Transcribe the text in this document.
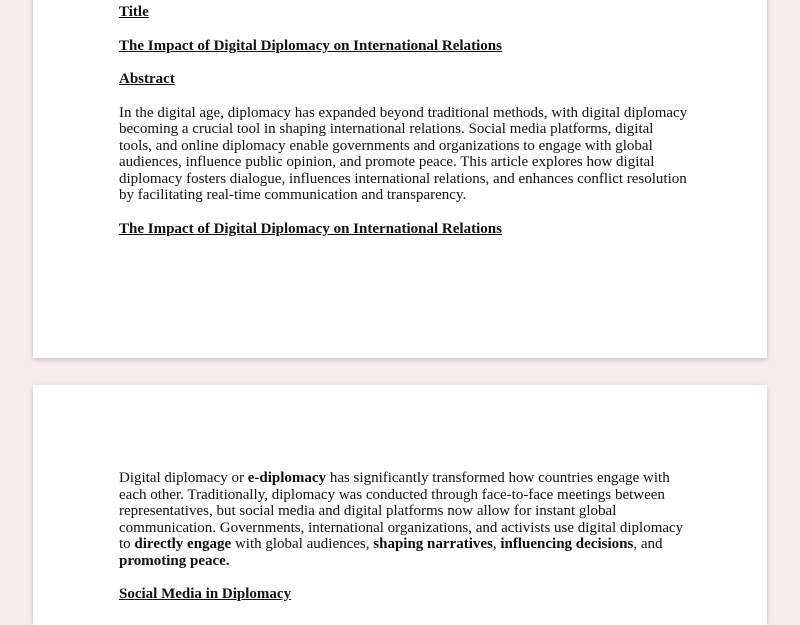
Title
The Impact of Digital Diplomacy on International Relations
Abstract

In the digital age, diplomacy has expanded beyond traditional methods, with digital diplomacy becoming a crucial tool in shaping international relations. Social media platforms, digital tools, and online diplomacy enable governments and organizations to engage with global audiences, influence public opinion, and promote peace. This article explores how digital diplomacy fosters dialogue, influences international relations, and enhances conflict resolution by facilitating real-time communication and transparency.

The Impact of Digital Diplomacy on International Relations

Digital diplomacy or e-diplomacy has significantly transformed how countries engage with each other. Traditionally, diplomacy was conducted through face-to-face meetings between representatives, but social media and digital platforms now allow for instant global communication. Governments, international organizations, and activists use digital diplomacy to directly engage with global audiences, shaping narratives, influencing decisions, and promoting peace.

Social Media in Diplomacy
